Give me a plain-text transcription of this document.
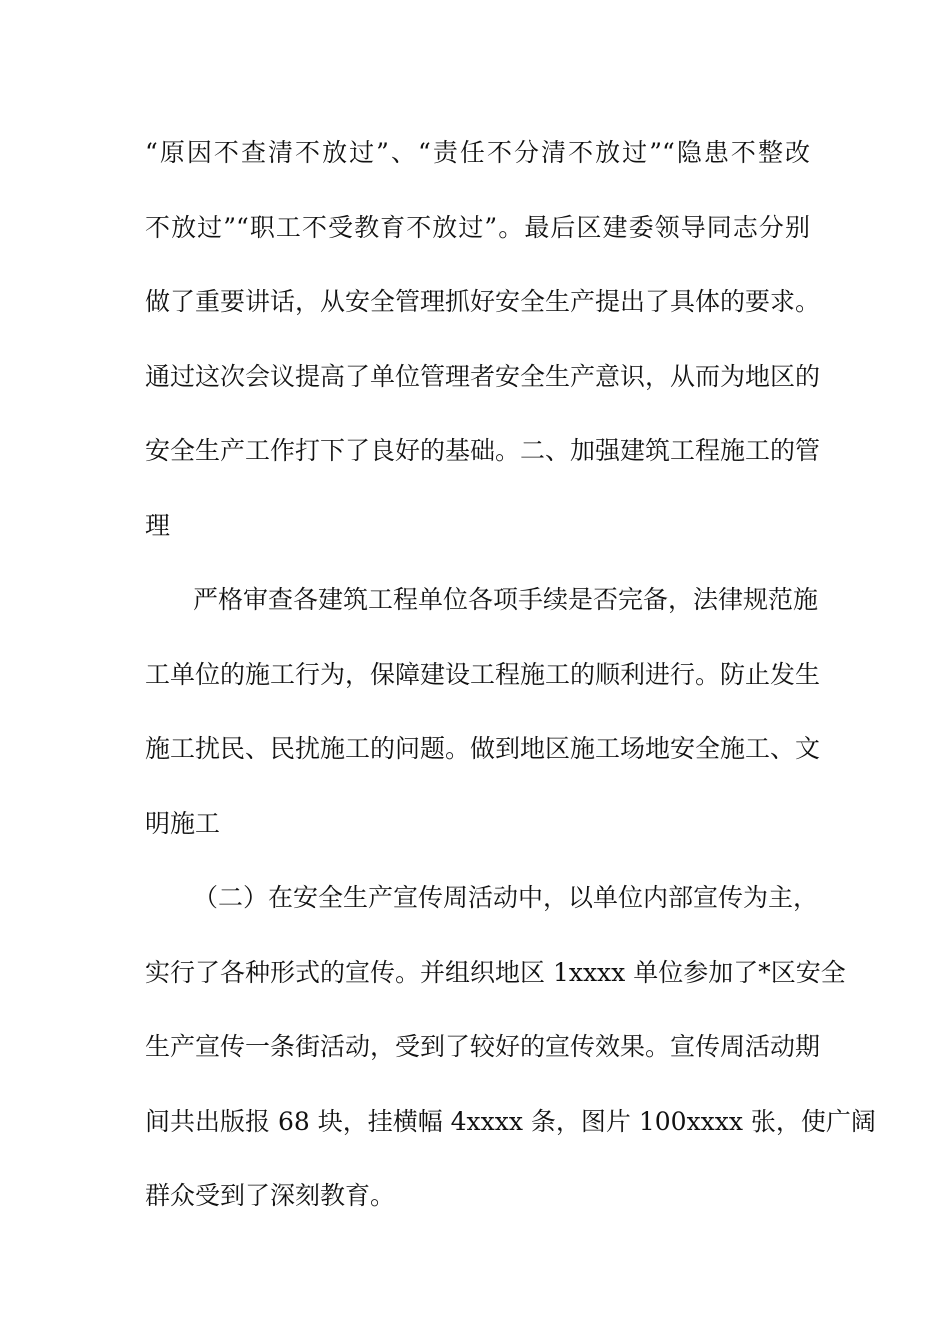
“原因不查清不放过”、“责任不分清不放过”“隐患不整改
不放过”“职工不受教育不放过”。最后区建委领导同志分别
做了重要讲话，从安全管理抓好安全生产提出了具体的要求。
通过这次会议提高了单位管理者安全生产意识，从而为地区的
安全生产工作打下了良好的基础。二、加强建筑工程施工的管
理
严格审查各建筑工程单位各项手续是否完备，法律规范施
工单位的施工行为，保障建设工程施工的顺利进行。防止发生
施工扰民、民扰施工的问题。做到地区施工场地安全施工、文
明施工
（二）在安全生产宣传周活动中，以单位内部宣传为主，
实行了各种形式的宣传。并组织地区 1xxxx 单位参加了*区安全
生产宣传一条街活动，受到了较好的宣传效果。宣传周活动期
间共出版报 68 块，挂横幅 4xxxx 条，图片 100xxxx 张，使广阔
群众受到了深刻教育。
